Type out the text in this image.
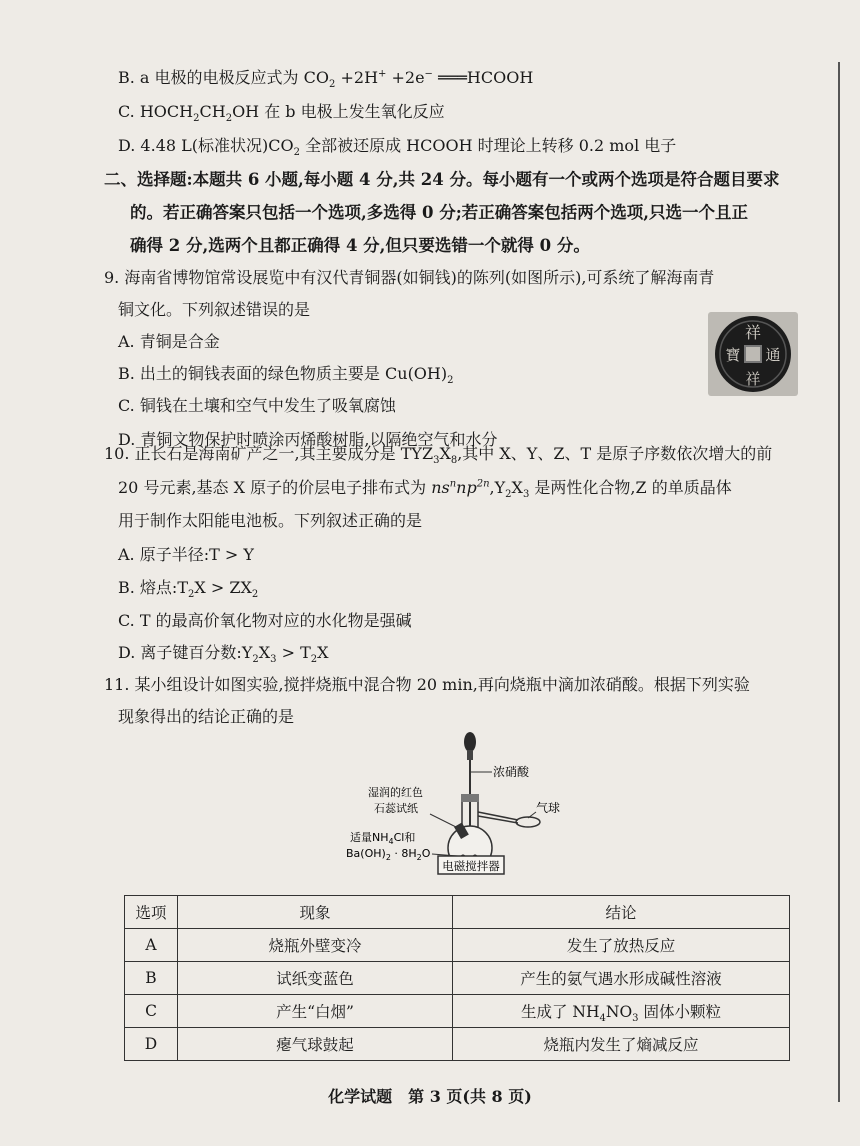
B. a 电极的电极反应式为 $CO_2 +2H^+ +2e^-$ ═══HCOOH
C. $HOCH_2CH_2OH$ 在 b 电极上发生氧化反应
D. 4.48 L(标准状况)$CO_2$ 全部被还原成 HCOOH 时理论上转移 0.2 mol 电子
二、选择题:本题共 6 小题,每小题 4 分,共 24 分。每小题有一个或两个选项是符合题目要求
的。若正确答案只包括一个选项,多选得 0 分;若正确答案包括两个选项,只选一个且正
确得 2 分,选两个且都正确得 4 分,但只要选错一个就得 0 分。
9. 海南省博物馆常设展览中有汉代青铜器(如铜钱)的陈列(如图所示),可系统了解海南青
铜文化。下列叙述错误的是
A. 青铜是合金
B. 出土的铜钱表面的绿色物质主要是 $Cu(OH)_2$
C. 铜钱在土壤和空气中发生了吸氧腐蚀
D. 青铜文物保护时喷涂丙烯酸树脂,以隔绝空气和水分
祥
通
祥
寶
10. 正长石是海南矿产之一,其主要成分是 $TYZ_3X_8$,其中 X、Y、Z、T 是原子序数依次增大的前
20 号元素,基态 X 原子的价层电子排布式为 $ns^nnp^{2n},Y_2X_3$ 是两性化合物,Z 的单质晶体
用于制作太阳能电池板。下列叙述正确的是
A. 原子半径:T > Y
B. 熔点$:T_2X > ZX_2$
C. T 的最高价氧化物对应的水化物是强碱
D. 离子键百分数$:Y_2X_3 > T_2X$
11. 某小组设计如图实验,搅拌烧瓶中混合物 20 min,再向烧瓶中滴加浓硝酸。根据下列实验
现象得出的结论正确的是
浓硝酸
湿润的红色
石蕊试纸	气球
适量$NH_4Cl$和
$Ba(OH)_2 \cdot 8H_2O$
电磁搅拌器
选项	现象	结论
A	烧瓶外壁变冷	发生了放热反应
B	试纸变蓝色	产生的氨气遇水形成碱性溶液
C	产生“白烟”	生成了 $NH_4NO_3$ 固体小颗粒
D	瘪气球鼓起	烧瓶内发生了熵减反应
化学试题　第 3 页(共 8 页)
